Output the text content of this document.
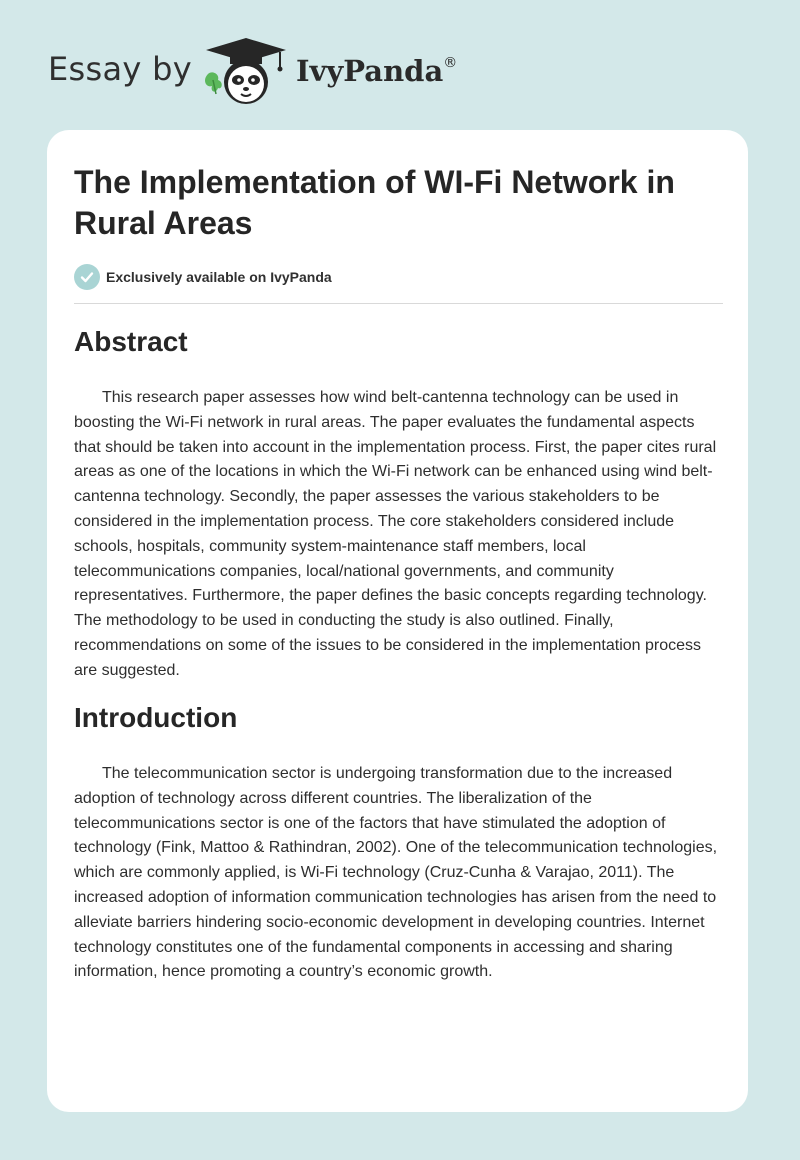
Essay by	IvyPanda®
The Implementation of WI-Fi Network in Rural Areas
Exclusively available on IvyPanda
Abstract

This research paper assesses how wind belt-cantenna technology can be used in boosting the Wi-Fi network in rural areas. The paper evaluates the fundamental aspects that should be taken into account in the implementation process. First, the paper cites rural areas as one of the locations in which the Wi-Fi network can be enhanced using wind belt-cantenna technology. Secondly, the paper assesses the various stakeholders to be considered in the implementation process. The core stakeholders considered include schools, hospitals, community system-maintenance staff members, local telecommunications companies, local/national governments, and community representatives. Furthermore, the paper defines the basic concepts regarding technology. The methodology to be used in conducting the study is also outlined. Finally, recommendations on some of the issues to be considered in the implementation process are suggested.

Introduction

The telecommunication sector is undergoing transformation due to the increased adoption of technology across different countries. The liberalization of the telecommunications sector is one of the factors that have stimulated the adoption of technology (Fink, Mattoo & Rathindran, 2002). One of the telecommunication technologies, which are commonly applied, is Wi-Fi technology (Cruz-Cunha & Varajao, 2011). The increased adoption of information communication technologies has arisen from the need to alleviate barriers hindering socio-economic development in developing countries. Internet technology constitutes one of the fundamental components in accessing and sharing information, hence promoting a country’s economic growth.
